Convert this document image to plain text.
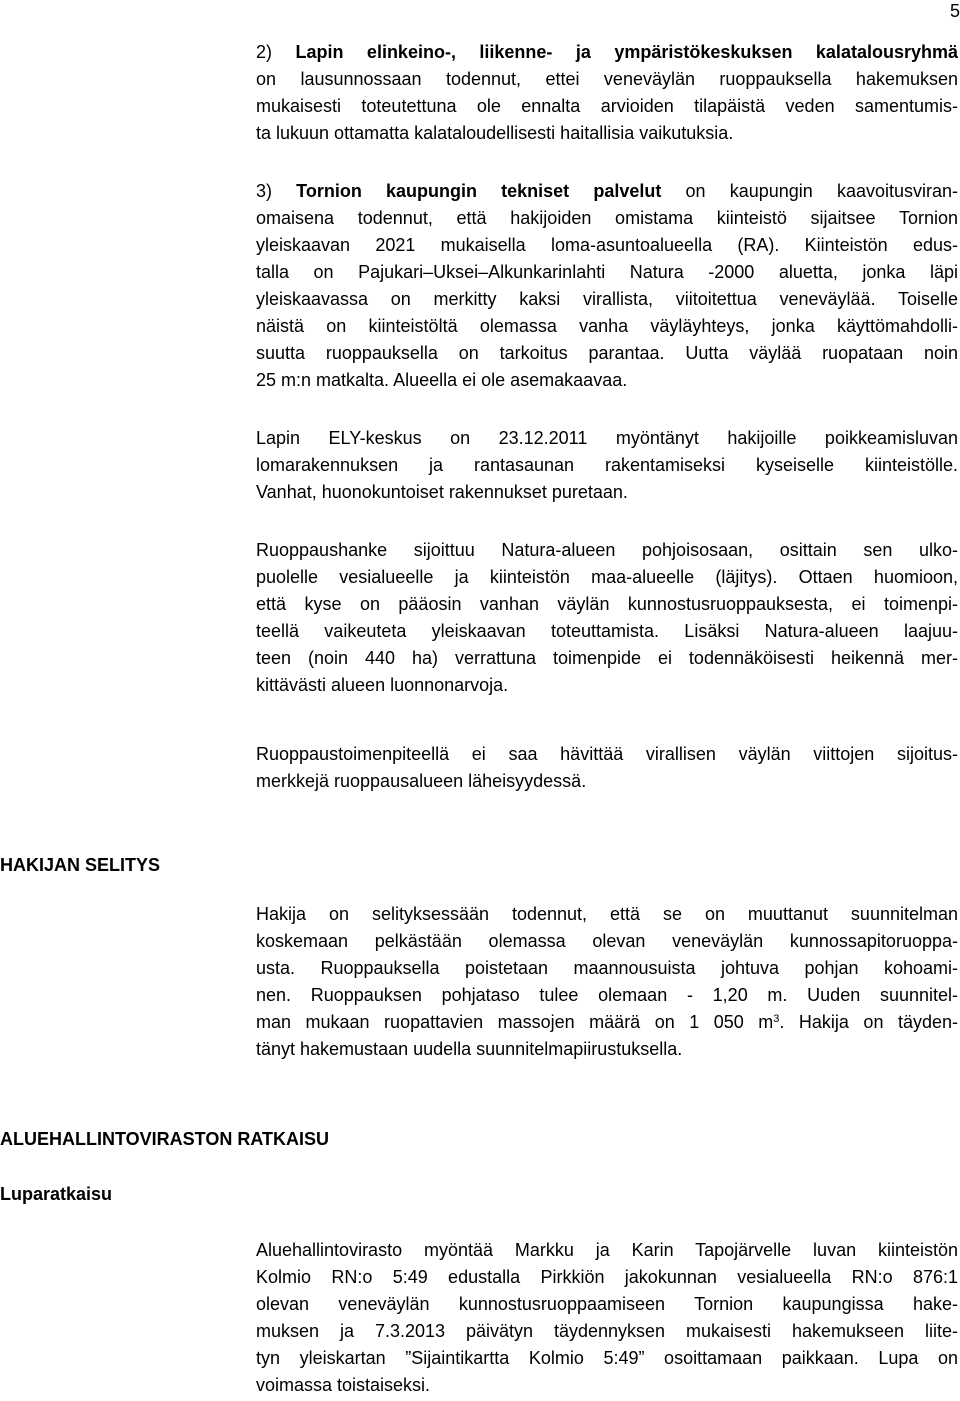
5
2) Lapin elinkeino-, liikenne- ja ympäristökeskuksen kalatalousryhmä
on lausunnossaan todennut, ettei veneväylän ruoppauksella hakemuksen
mukaisesti toteutettuna ole ennalta arvioiden tilapäistä veden samentumis-
ta lukuun ottamatta kalataloudellisesti haitallisia vaikutuksia.
3) Tornion kaupungin tekniset palvelut on kaupungin kaavoitusviran-
omaisena todennut, että hakijoiden omistama kiinteistö sijaitsee Tornion
yleiskaavan 2021 mukaisella loma-asuntoalueella (RA). Kiinteistön edus-
talla on Pajukari–Uksei–Alkunkarinlahti Natura -2000 aluetta, jonka läpi
yleiskaavassa on merkitty kaksi virallista, viitoitettua veneväylää. Toiselle
näistä on kiinteistöltä olemassa vanha väyläyhteys, jonka käyttömahdolli-
suutta ruoppauksella on tarkoitus parantaa. Uutta väylää ruopataan noin
25 m:n matkalta. Alueella ei ole asemakaavaa.
Lapin ELY-keskus on 23.12.2011 myöntänyt hakijoille poikkeamisluvan
lomarakennuksen ja rantasaunan rakentamiseksi kyseiselle kiinteistölle.
Vanhat, huonokuntoiset rakennukset puretaan.
Ruoppaushanke sijoittuu Natura-alueen pohjoisosaan, osittain sen ulko-
puolelle vesialueelle ja kiinteistön maa-alueelle (läjitys). Ottaen huomioon,
että kyse on pääosin vanhan väylän kunnostusruoppauksesta, ei toimenpi-
teellä vaikeuteta yleiskaavan toteuttamista. Lisäksi Natura-alueen laajuu-
teen (noin 440 ha) verrattuna toimenpide ei todennäköisesti heikennä mer-
kittävästi alueen luonnonarvoja.
Ruoppaustoimenpiteellä ei saa hävittää virallisen väylän viittojen sijoitus-
merkkejä ruoppausalueen läheisyydessä.
HAKIJAN SELITYS
Hakija on selityksessään todennut, että se on muuttanut suunnitelman
koskemaan pelkästään olemassa olevan veneväylän kunnossapitoruoppa-
usta. Ruoppauksella poistetaan maannousuista johtuva pohjan kohoami-
nen. Ruoppauksen pohjataso tulee olemaan - 1,20 m. Uuden suunnitel-
man mukaan ruopattavien massojen määrä on 1 050 $m^3$. Hakija on täyden-
tänyt hakemustaan uudella suunnitelmapiirustuksella.
ALUEHALLINTOVIRASTON RATKAISU
Luparatkaisu
Aluehallintovirasto myöntää Markku ja Karin Tapojärvelle luvan kiinteistön
Kolmio RN:o 5:49 edustalla Pirkkiön jakokunnan vesialueella RN:o 876:1
olevan veneväylän kunnostusruoppaamiseen Tornion kaupungissa hake-
muksen ja 7.3.2013 päivätyn täydennyksen mukaisesti hakemukseen liite-
tyn yleiskartan ”Sijaintikartta Kolmio 5:49” osoittamaan paikkaan. Lupa on
voimassa toistaiseksi.
